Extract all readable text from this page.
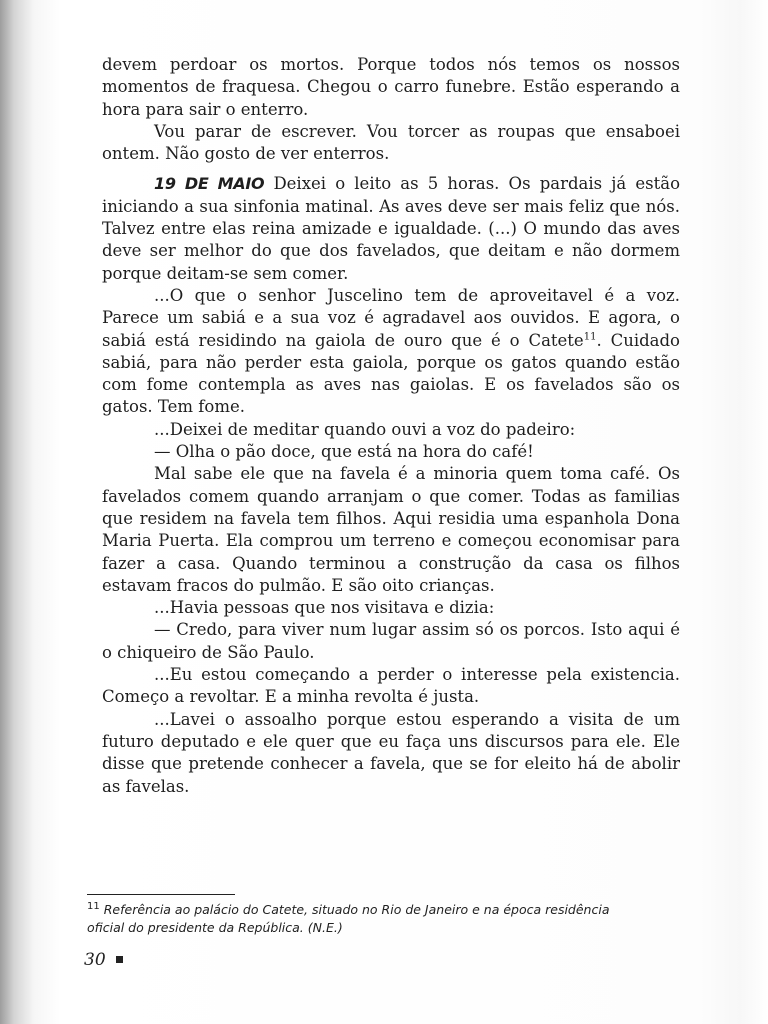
devem perdoar os mortos. Porque todos nós temos os nossos momentos de fraquesa. Chegou o carro funebre. Estão esperando a hora para sair o enterro.

Vou parar de escrever. Vou torcer as roupas que ensaboei ontem. Não gosto de ver enterros.

19 DE MAIO Deixei o leito as 5 horas. Os pardais já estão iniciando a sua sinfonia matinal. As aves deve ser mais feliz que nós. Talvez entre elas reina amizade e igualdade. (...) O mundo das aves deve ser melhor do que dos favelados, que deitam e não dormem porque deitam-se sem comer.

...O que o senhor Juscelino tem de aproveitavel é a voz. Parece um sabiá e a sua voz é agradavel aos ouvidos. E agora, o sabiá está residindo na gaiola de ouro que é o Catete$^{11}$. Cuidado sabiá, para não perder esta gaiola, porque os gatos quando estão com fome contempla as aves nas gaiolas. E os favelados são os gatos. Tem fome.

...Deixei de meditar quando ouvi a voz do padeiro:

— Olha o pão doce, que está na hora do café!

Mal sabe ele que na favela é a minoria quem toma café. Os favelados comem quando arranjam o que comer. Todas as familias que residem na favela tem filhos. Aqui residia uma espanhola Dona Maria Puerta. Ela comprou um terreno e começou economisar para fazer a casa. Quando terminou a construção da casa os filhos estavam fracos do pulmão. E são oito crianças.

...Havia pessoas que nos visitava e dizia:

— Credo, para viver num lugar assim só os porcos. Isto aqui é o chiqueiro de São Paulo.

...Eu estou começando a perder o interesse pela existencia. Começo a revoltar. E a minha revolta é justa.

...Lavei o assoalho porque estou esperando a visita de um futuro deputado e ele quer que eu faça uns discursos para ele. Ele disse que pretende conhecer a favela, que se for eleito há de abolir as favelas.

$^{11}$ Referência ao palácio do Catete, situado no Rio de Janeiro e na época residência oficial do presidente da República. (N.E.)
30
